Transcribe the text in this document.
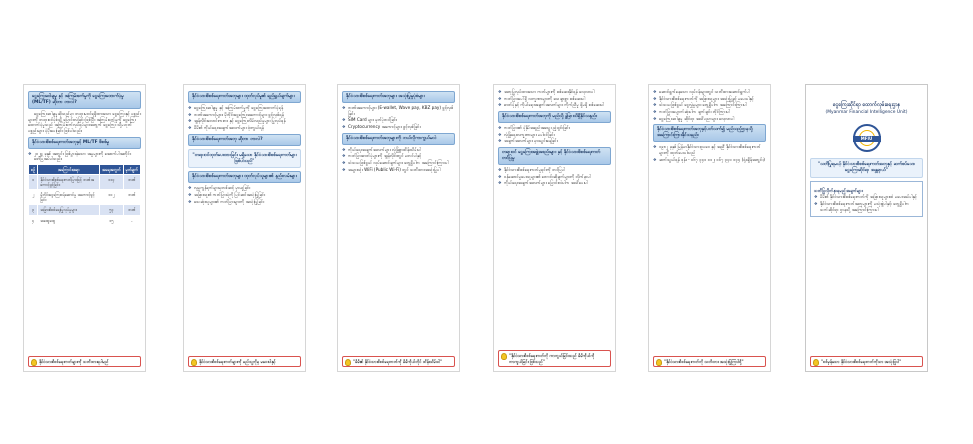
ငွေကြေးခဝါချမှု နှင့် အကြမ်းဖက်မှုကို ငွေကြေးထောက်ပံ့မှု (ML/TF) ဆိုတာ ဘာလဲ?

ငွေကြေးခဝါချမှုဆိုသည်မှာ တရားမဝင်ရရှိထားသော ငွေကြေးနှင့် ပစ္စည်းများကို တရားဝင်ပုံစံသို့ ပြောင်းလဲခြင်း ဖြစ်ပြီး အကြမ်းဖက်မှုကို ငွေကြေးထောက်ပံ့မှုသည် အကြမ်းဖက်လုပ်ရပ်များအတွက် ငွေကြေး သို့မဟုတ် ပစ္စည်းများ ပံ့ပိုးပေးခြင်း ဖြစ်ပါသည်။

နိုင်ငံသားစိစစ်ရေးကတ်အတုနှင့် ML/TF စိစစ်မှု
❖ ၂၀၂၄ ခုနှစ် အတွင်း ဖြစ်ပွားခဲ့သော အမှုများကို အောက်ပါအတိုင်း ဖော်ပြအပ်ပါသည်။
စဉ်	အကြောင်းအရာ	အရေအတွက်	မှတ်ချက်
၁	နိုင်ငံသားစိစစ်ရေးကတ်ပြားဖြင့် ဘဏ်အကောင့်ဖွင့်ခြင်း	၁၁၄	ဘဏ်
၂	မိုဘိုင်းငွေကြေးဝန်ဆောင်မှု အကောင့်ဖွင့်ခြင်း	၁၀၂	ဘဏ်
၃	အခြားစိစစ်ရေးပြုလုပ်မှုများ	၅၃	ဘဏ်
၄	အထွေထွေ	၁၅	-
နိုင်ငံသားစိစစ်ရေးကတ်များကို သတိထားရပါမည်
နိုင်ငံသားစိစစ်ရေးကတ်အတုများ ထုတ်လုပ်မှု၏ ရည်ရွယ်ချက်များ
❖ ငွေကြေးခဝါချမှု နှင့် အကြမ်းဖက်မှုကို ငွေကြေးထောက်ပံ့ရန်
❖ ဘဏ်အကောင့်များ၊ မိုဘိုင်းငွေကြေးအကောင့်များ ဖွင့်လှစ်ရန်
❖ အွန်လိုင်းလောင်းကစား နှင့် ငွေကြေးလိမ်လည်မှုများ ပြုလုပ်ရန်
❖ မိမိ၏ ကိုယ်ရေးအချက်အလက်များ ဖုံးကွယ်ရန်
နိုင်ငံသားစိစစ်ရေးကတ်အတု ဆိုတာ ဘာလဲ?
"တရားဝင်ထုတ်ပေးထားခြင်း မရှိသော နိုင်ငံသားစိစစ်ရေးကတ်များ ဖြစ်ပါသည်"
နိုင်ငံသားစိစစ်ရေးကတ်အတုများ ထုတ်လုပ်သူများ၏ နည်းလမ်းများ
❖ လူမှုကွန်ရက်များမှတစ်ဆင့် မှာယူခြင်း
❖ အခြားသူ၏ ကတ်ပြားပုံကို ပြင်ဆင်အသုံးပြုခြင်း
❖ သေဆုံးသူများ၏ ကတ်ပြားများကို အသုံးပြုခြင်း
နိုင်ငံသားစိစစ်ရေးကတ်များကို မည်သူ့ကိုမှ မပေးပါနှင့်
နိုင်ငံသားစိစစ်ရေးကတ်အတုများ အသုံးပြုမှုပုံစံများ
❖ ဘဏ်အကောင့်များ (E-wallet, Wave pay, KBZ pay) ဖွင့်လှစ်ခြင်း
❖ SIM Card များ မှတ်ပုံတင်ခြင်း
❖ Cryptocurrency အကောင့်များ ဖွင့်လှစ်ခြင်း
နိုင်ငံသားစိစစ်ရေးကတ်အတုများကို ဘယ်လိုကာကွယ်မလဲ
❖ ကိုယ်ရေးအချက်အလက်များ လုံခြုံစွာထိန်းသိမ်းပါ
❖ ကတ်ပြားဓာတ်ပုံများကို အွန်လိုင်းတွင် မတင်ပါနှင့်
❖ သံသယဖြစ်ဖွယ် လုပ်ဆောင်ချက်များ တွေ့ရှိပါက အကြောင်းကြားပါ
❖ အများသုံး WiFi (Public Wi-Fi) တွင် သတိထားအသုံးပြုပါ
"မိမိ၏ နိုင်ငံသားစိစစ်ရေးကတ်ကို မိမိကိုယ်တိုင် ထိန်းသိမ်းပါ"
❖ အတုပြုလုပ်ထားသော ကတ်များကို စစ်ဆေးနိုင်ရန် လေ့လာပါ
❖ ကတ်ပြားပေါ်ရှိ လက္ခဏာများကို သေချာစွာ စစ်ဆေးပါ
❖ ဓာတ်ပုံနှင့် ကိုယ်ရေးအချက်အလက်များ ကိုက်ညီမှု ရှိမရှိ စစ်ဆေးပါ
နိုင်ငံသားစိစစ်ရေးကတ်အတုကို မည်သို့ ခွဲခြားသိရှိနိုင်သနည်း
❖ ကတ်ပြား၏ ပုံနှိပ်အရည်အသွေး ညံ့ဖျင်းခြင်း
❖ လုံခြုံရေးလက္ခဏာများ မပါဝင်ခြင်း
❖ အချက်အလက်များ မှားယွင်းနေခြင်း
တရားဝင် ငွေကြေးအဖွဲ့အစည်းများ နှင့် နိုင်ငံသားစိစစ်ရေးကတ် တင်ပြမှု
❖ နိုင်ငံသားစိစစ်ရေးကတ်မူရင်းကို တင်ပြပါ
❖ ဝန်ဆောင်မှုပေးသူများ၏ တောင်းဆိုချက်များကို လိုက်နာပါ
❖ ကိုယ်ရေးအချက်အလက်များ ပြောင်းလဲပါက အသိပေးပါ
"နိုင်ငံသားစိစစ်ရေးကတ်ကို ကာကွယ်ခြင်းသည် မိမိကိုယ်ကို ကာကွယ်ခြင်း ဖြစ်သည်"
❖ ဆောင်ရွက်နေသော လုပ်ငန်းများတွင် သတိထားဆောင်ရွက်ပါ
❖ နိုင်ငံသားစိစစ်ရေးကတ်ကို အခြားသူများ အသုံးပြုခွင့် မပေးပါနှင့်
❖ သံသယဖြစ်ဖွယ် ငွေလွှဲမှုများ တွေ့ရှိပါက အကြောင်းကြားပါ
❖ ကတ်ပြားပျောက်ဆုံးပါက ချက်ချင်း တိုင်ကြားပါ
❖ ငွေကြေးခဝါချမှု ဆိုင်ရာ အသိပညာများ လေ့လာပါ
နိုင်ငံသားစိစစ်ရေးကတ်အတုနှင့်ပတ်သက်၍ မည်သည့်ဌာနသို့ အကြောင်းကြားနိုင်သနည်း
❖ ၁၉၈၂ ခုနှစ် မြန်မာနိုင်ငံသားဥပဒေ နှင့် အညီ နိုင်ငံသားစိစစ်ရေးကတ်များကို ထုတ်ပေးပါသည်
❖ ဆက်သွယ်ရန် ဖုန်း - ၀၆၇ ၃၄၁ ၀၁၂၊ ၀၆၇ ၃၄၁ ၀၃၄ (ရုံးချိန်အတွင်း)
"နိုင်ငံသားစိစစ်ရေးကတ်ကို သတိထား အသုံးပြုကြပါစို့"
ငွေကြေးဆိုင်ရာ ထောက်လှမ်းရေးဌာန
(Myanmar Financial Intelligence Unit)
MFIU
"သတိပြုရမယ့် နိုင်ငံသားစိစစ်ရေးကတ်အတုနှင့် ဆက်စပ်သော ငွေကြေးဆိုင်ရာ အန္တရာယ်"
သတိပြုလိုက်နာရမည့်အချက်များ
❖ မိမိ၏ နိုင်ငံသားစိစစ်ရေးကတ်ကို အခြားသူများထံ မပေးအပ်ပါနှင့်
❖ နိုင်ငံသားစိစစ်ရေးကတ်အတုများကို မသုံးစွဲပါနှင့်၊ တွေ့ရှိပါက သက်ဆိုင်ရာ ဌာနသို့ အကြောင်းကြားပါ
"စစ်မှန်သော နိုင်ငံသားစိစစ်ရေးကတ်ကိုသာ အသုံးပြုပါ"
